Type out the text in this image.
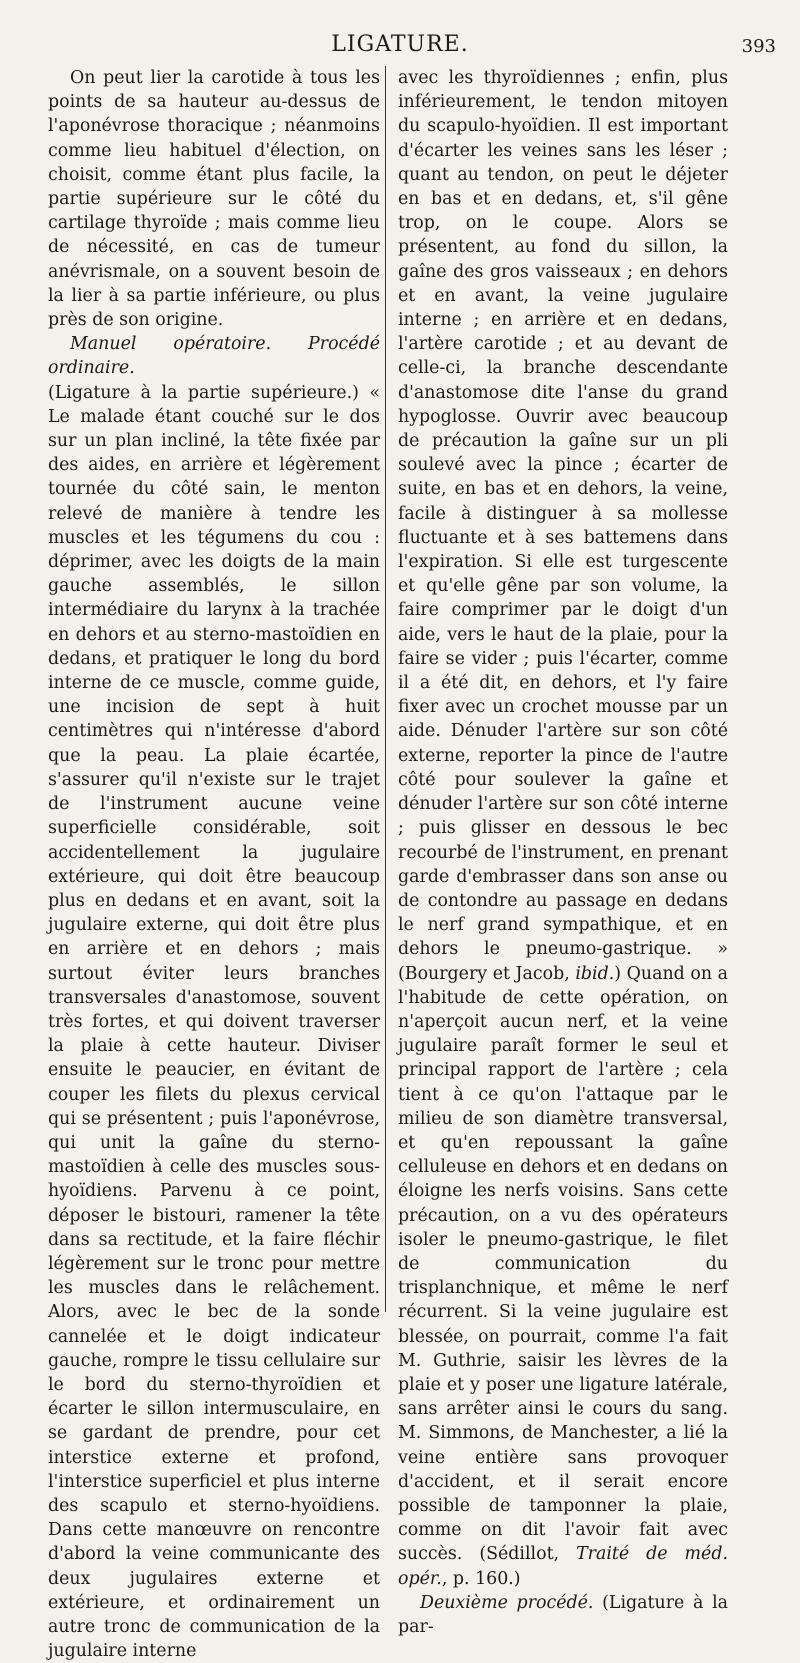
LIGATURE.	393

On peut lier la carotide à tous les points de sa hauteur au-dessus de l'aponévrose thoracique ; néanmoins comme lieu habituel d'élection, on choisit, comme étant plus facile, la partie supérieure sur le côté du cartilage thyroïde ; mais comme lieu de nécessité, en cas de tumeur anévrismale, on a souvent besoin de la lier à sa partie inférieure, ou plus près de son origine.

Manuel opératoire. Procédé ordinaire.
(Ligature à la partie supérieure.) « Le malade étant couché sur le dos sur un plan incliné, la tête fixée par des aides, en arrière et légèrement tournée du côté sain, le menton relevé de manière à tendre les muscles et les tégumens du cou : déprimer, avec les doigts de la main gauche assemblés, le sillon intermédiaire du larynx à la trachée en dehors et au sterno-mastoïdien en dedans, et pratiquer le long du bord interne de ce muscle, comme guide, une incision de sept à huit centimètres qui n'intéresse d'abord que la peau. La plaie écartée, s'assurer qu'il n'existe sur le trajet de l'instrument aucune veine superficielle considérable, soit accidentellement la jugulaire extérieure, qui doit être beaucoup plus en dedans et en avant, soit la jugulaire externe, qui doit être plus en arrière et en dehors ; mais surtout éviter leurs branches transversales d'anastomose, souvent très fortes, et qui doivent traverser la plaie à cette hauteur. Diviser ensuite le peaucier, en évitant de couper les filets du plexus cervical qui se présentent ; puis l'aponévrose, qui unit la gaîne du sterno-mastoïdien à celle des muscles sous-hyoïdiens. Parvenu à ce point, déposer le bistouri, ramener la tête dans sa rectitude, et la faire fléchir légèrement sur le tronc pour mettre les muscles dans le relâchement. Alors, avec le bec de la sonde cannelée et le doigt indicateur gauche, rompre le tissu cellulaire sur le bord du sterno-thyroïdien et écarter le sillon intermusculaire, en se gardant de prendre, pour cet interstice externe et profond, l'interstice superficiel et plus interne des scapulo et sterno-hyoïdiens. Dans cette manœuvre on rencontre d'abord la veine communicante des deux jugulaires externe et extérieure, et ordinairement un autre tronc de communication de la jugulaire interne

avec les thyroïdiennes ; enfin, plus inférieurement, le tendon mitoyen du scapulo-hyoïdien. Il est important d'écarter les veines sans les léser ; quant au tendon, on peut le déjeter en bas et en dedans, et, s'il gêne trop, on le coupe. Alors se présentent, au fond du sillon, la gaîne des gros vaisseaux ; en dehors et en avant, la veine jugulaire interne ; en arrière et en dedans, l'artère carotide ; et au devant de celle-ci, la branche descendante d'anastomose dite l'anse du grand hypoglosse. Ouvrir avec beaucoup de précaution la gaîne sur un pli soulevé avec la pince ; écarter de suite, en bas et en dehors, la veine, facile à distinguer à sa mollesse fluctuante et à ses battemens dans l'expiration. Si elle est turgescente et qu'elle gêne par son volume, la faire comprimer par le doigt d'un aide, vers le haut de la plaie, pour la faire se vider ; puis l'écarter, comme il a été dit, en dehors, et l'y faire fixer avec un crochet mousse par un aide. Dénuder l'artère sur son côté externe, reporter la pince de l'autre côté pour soulever la gaîne et dénuder l'artère sur son côté interne ; puis glisser en dessous le bec recourbé de l'instrument, en prenant garde d'embrasser dans son anse ou de contondre au passage en dedans le nerf grand sympathique, et en dehors le pneumo-gastrique. » (Bourgery et Jacob, ibid.) Quand on a l'habitude de cette opération, on n'aperçoit aucun nerf, et la veine jugulaire paraît former le seul et principal rapport de l'artère ; cela tient à ce qu'on l'attaque par le milieu de son diamètre transversal, et qu'en repoussant la gaîne celluleuse en dehors et en dedans on éloigne les nerfs voisins. Sans cette précaution, on a vu des opérateurs isoler le pneumo-gastrique, le filet de communication du trisplanchnique, et même le nerf récurrent. Si la veine jugulaire est blessée, on pourrait, comme l'a fait M. Guthrie, saisir les lèvres de la plaie et y poser une ligature latérale, sans arrêter ainsi le cours du sang. M. Simmons, de Manchester, a lié la veine entière sans provoquer d'accident, et il serait encore possible de tamponner la plaie, comme on dit l'avoir fait avec succès. (Sédillot, Traité de méd. opér., p. 160.)

Deuxième procédé. (Ligature à la par-
